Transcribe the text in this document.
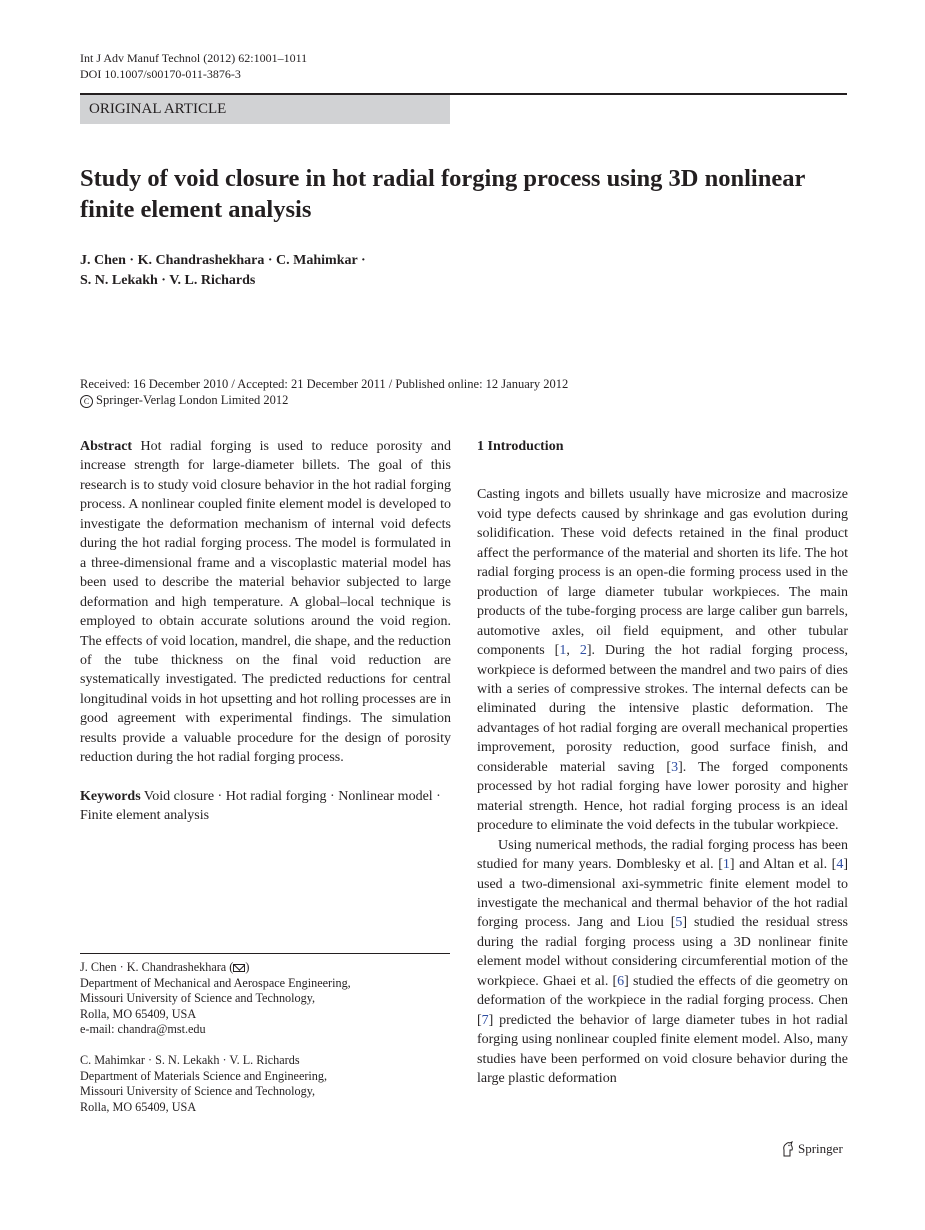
Int J Adv Manuf Technol (2012) 62:1001–1011
DOI 10.1007/s00170-011-3876-3
ORIGINAL ARTICLE
Study of void closure in hot radial forging process using 3D nonlinear finite element analysis
J. Chen · K. Chandrashekhara · C. Mahimkar ·
S. N. Lekakh · V. L. Richards
Received: 16 December 2010 / Accepted: 21 December 2011 / Published online: 12 January 2012
C Springer-Verlag London Limited 2012
Abstract Hot radial forging is used to reduce porosity and increase strength for large-diameter billets. The goal of this research is to study void closure behavior in the hot radial forging process. A nonlinear coupled finite element model is developed to investigate the deformation mechanism of internal void defects during the hot radial forging process. The model is formulated in a three-dimensional frame and a viscoplastic material model has been used to describe the material behavior subjected to large deformation and high temperature. A global–local technique is employed to obtain accurate solutions around the void region. The effects of void location, mandrel, die shape, and the reduction of the tube thickness on the final void reduction are systematically investigated. The predicted reductions for central longitudinal voids in hot upsetting and hot rolling processes are in good agreement with experimental findings. The simulation results provide a valuable procedure for the design of porosity reduction during the hot radial forging process.
Keywords Void closure · Hot radial forging · Nonlinear model · Finite element analysis
J. Chen · K. Chandrashekhara ( )
Department of Mechanical and Aerospace Engineering,
Missouri University of Science and Technology,
Rolla, MO 65409, USA
e-mail: chandra@mst.edu
C. Mahimkar · S. N. Lekakh · V. L. Richards
Department of Materials Science and Engineering,
Missouri University of Science and Technology,
Rolla, MO 65409, USA
1 Introduction
Casting ingots and billets usually have microsize and macrosize void type defects caused by shrinkage and gas evolution during solidification. These void defects retained in the final product affect the performance of the material and shorten its life. The hot radial forging process is an open-die forming process used in the production of large diameter tubular workpieces. The main products of the tube-forging process are large caliber gun barrels, automotive axles, oil field equipment, and other tubular components [1, 2]. During the hot radial forging process, workpiece is deformed between the mandrel and two pairs of dies with a series of compressive strokes. The internal defects can be eliminated during the intensive plastic deformation. The advantages of hot radial forging are overall mechanical properties improvement, porosity reduction, good surface finish, and considerable material saving [3]. The forged components processed by hot radial forging have lower porosity and higher material strength. Hence, hot radial forging process is an ideal procedure to eliminate the void defects in the tubular workpiece.
Using numerical methods, the radial forging process has been studied for many years. Domblesky et al. [1] and Altan et al. [4] used a two-dimensional axi-symmetric finite element model to investigate the mechanical and thermal behavior of the hot radial forging process. Jang and Liou [5] studied the residual stress during the radial forging process using a 3D nonlinear finite element model without considering circumferential motion of the workpiece. Ghaei et al. [6] studied the effects of die geometry on deformation of the workpiece in the radial forging process. Chen [7] predicted the behavior of large diameter tubes in hot radial forging using nonlinear coupled finite element model. Also, many studies have been performed on void closure behavior during the large plastic deformation
Springer
